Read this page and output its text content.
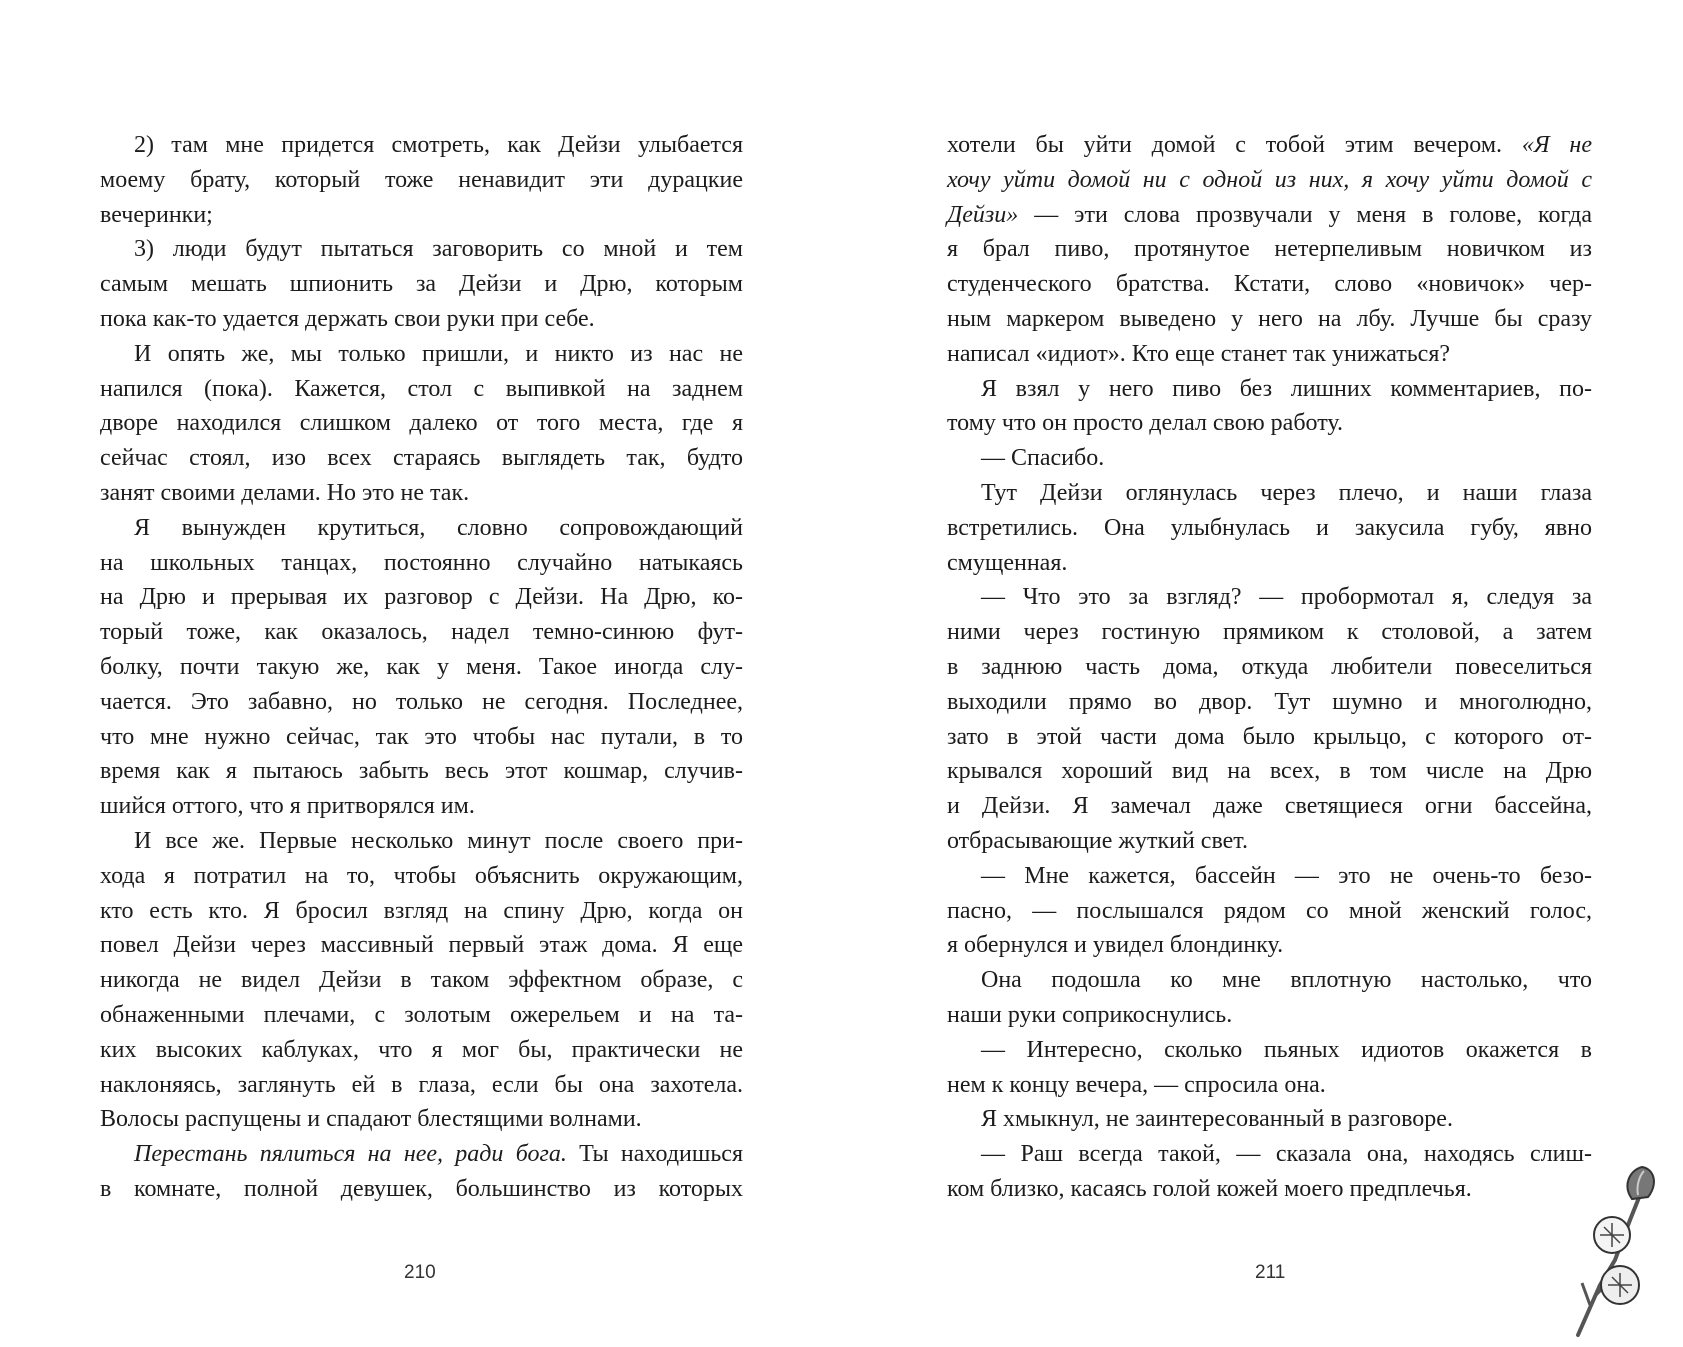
2) там мне придется смотреть, как Дейзи улыбается
моему брату, который тоже ненавидит эти дурацкие
вечеринки;
3) люди будут пытаться заговорить со мной и тем
самым мешать шпионить за Дейзи и Дрю, которым
пока как-то удается держать свои руки при себе.
И опять же, мы только пришли, и никто из нас не
напился (пока). Кажется, стол с выпивкой на заднем
дворе находился слишком далеко от того места, где я
сейчас стоял, изо всех стараясь выглядеть так, будто
занят своими делами. Но это не так.
Я вынужден крутиться, словно сопровождающий
на школьных танцах, постоянно случайно натыкаясь
на Дрю и прерывая их разговор с Дейзи. На Дрю, ко-
торый тоже, как оказалось, надел темно-синюю фут-
болку, почти такую же, как у меня. Такое иногда слу-
чается. Это забавно, но только не сегодня. Последнее,
что мне нужно сейчас, так это чтобы нас путали, в то
время как я пытаюсь забыть весь этот кошмар, случив-
шийся оттого, что я притворялся им.
И все же. Первые несколько минут после своего при-
хода я потратил на то, чтобы объяснить окружающим,
кто есть кто. Я бросил взгляд на спину Дрю, когда он
повел Дейзи через массивный первый этаж дома. Я еще
никогда не видел Дейзи в таком эффектном образе, с
обнаженными плечами, с золотым ожерельем и на та-
ких высоких каблуках, что я мог бы, практически не
наклоняясь, заглянуть ей в глаза, если бы она захотела.
Волосы распущены и спадают блестящими волнами.
Перестань пялиться на нее, ради бога. Ты находишься
в комнате, полной девушек, большинство из которых
хотели бы уйти домой с тобой этим вечером. «Я не
хочу уйти домой ни с одной из них, я хочу уйти домой с
Дейзи» — эти слова прозвучали у меня в голове, когда
я брал пиво, протянутое нетерпеливым новичком из
студенческого братства. Кстати, слово «новичок» чер-
ным маркером выведено у него на лбу. Лучше бы сразу
написал «идиот». Кто еще станет так унижаться?
Я взял у него пиво без лишних комментариев, по-
тому что он просто делал свою работу.
— Спасибо.
Тут Дейзи оглянулась через плечо, и наши глаза
встретились. Она улыбнулась и закусила губу, явно
смущенная.
— Что это за взгляд? — пробормотал я, следуя за
ними через гостиную прямиком к столовой, а затем
в заднюю часть дома, откуда любители повеселиться
выходили прямо во двор. Тут шумно и многолюдно,
зато в этой части дома было крыльцо, с которого от-
крывался хороший вид на всех, в том числе на Дрю
и Дейзи. Я замечал даже светящиеся огни бассейна,
отбрасывающие жуткий свет.
— Мне кажется, бассейн — это не очень-то безо-
пасно, — послышался рядом со мной женский голос,
я обернулся и увидел блондинку.
Она подошла ко мне вплотную настолько, что
наши руки соприкоснулись.
— Интересно, сколько пьяных идиотов окажется в
нем к концу вечера, — спросила она.
Я хмыкнул, не заинтересованный в разговоре.
— Раш всегда такой, — сказала она, находясь слиш-
ком близко, касаясь голой кожей моего предплечья.
210	211
